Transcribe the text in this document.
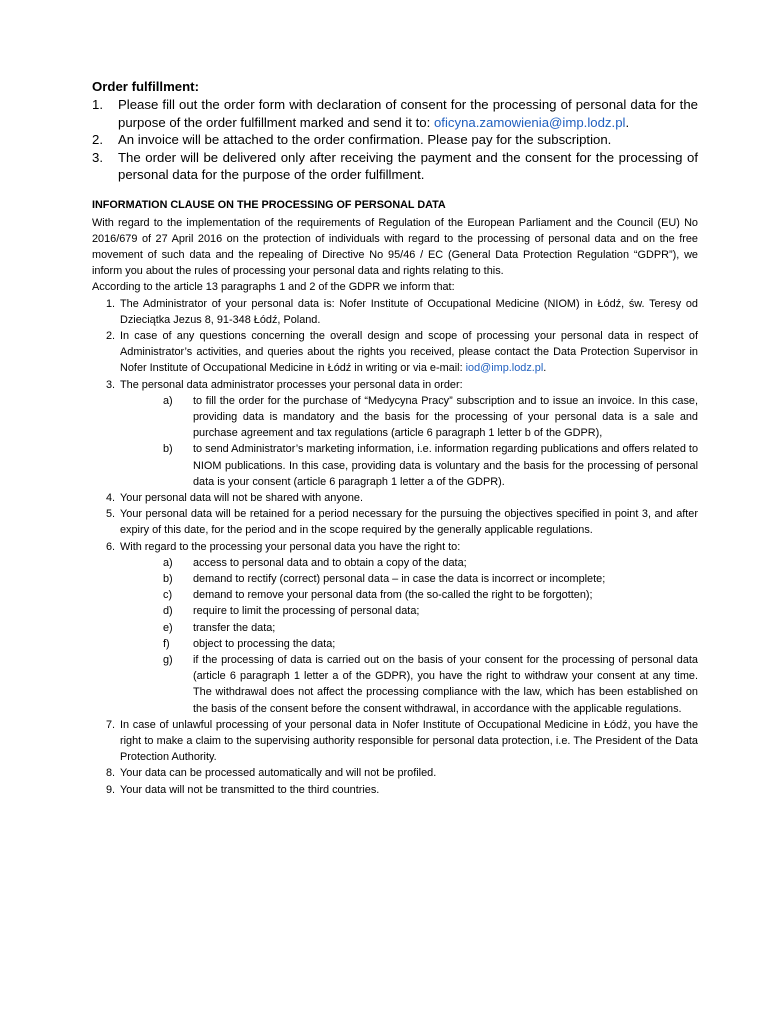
Order fulfillment:

1. Please fill out the order form with declaration of consent for the processing of personal data for the purpose of the order fulfillment marked and send it to: oficyna.zamowienia@imp.lodz.pl.
2. An invoice will be attached to the order confirmation. Please pay for the subscription.
3. The order will be delivered only after receiving the payment and the consent for the processing of personal data for the purpose of the order fulfillment.

INFORMATION CLAUSE ON THE PROCESSING OF PERSONAL DATA

With regard to the implementation of the requirements of Regulation of the European Parliament and the Council (EU) No 2016/679 of 27 April 2016 on the protection of individuals with regard to the processing of personal data and on the free movement of such data and the repealing of Directive No 95/46 / EC (General Data Protection Regulation “GDPR”), we inform you about the rules of processing your personal data and rights relating to this.

According to the article 13 paragraphs 1 and 2 of the GDPR we inform that:

1. The Administrator of your personal data is: Nofer Institute of Occupational Medicine (NIOM) in Łódź, św. Teresy od Dzieciątka Jezus 8, 91-348 Łódź, Poland.
2. In case of any questions concerning the overall design and scope of processing your personal data in respect of Administrator’s activities, and queries about the rights you received, please contact the Data Protection Supervisor in Nofer Institute of Occupational Medicine in Łódź in writing or via e-mail: iod@imp.lodz.pl.
3. The personal data administrator processes your personal data in order:
a) to fill the order for the purchase of “Medycyna Pracy” subscription and to issue an invoice. In this case, providing data is mandatory and the basis for the processing of your personal data is a sale and purchase agreement and tax regulations (article 6 paragraph 1 letter b of the GDPR),
b) to send Administrator’s marketing information, i.e. information regarding publications and offers related to NIOM publications. In this case, providing data is voluntary and the basis for the processing of personal data is your consent (article 6 paragraph 1 letter a of the GDPR).
4. Your personal data will not be shared with anyone.
5. Your personal data will be retained for a period necessary for the pursuing the objectives specified in point 3, and after expiry of this date, for the period and in the scope required by the generally applicable regulations.
6. With regard to the processing your personal data you have the right to:
a) access to personal data and to obtain a copy of the data;
b) demand to rectify (correct) personal data – in case the data is incorrect or incomplete;
c) demand to remove your personal data from (the so-called the right to be forgotten);
d) require to limit the processing of personal data;
e) transfer the data;
f) object to processing the data;
g) if the processing of data is carried out on the basis of your consent for the processing of personal data (article 6 paragraph 1 letter a of the GDPR), you have the right to withdraw your consent at any time. The withdrawal does not affect the processing compliance with the law, which has been established on the basis of the consent before the consent withdrawal, in accordance with the applicable regulations.
7. In case of unlawful processing of your personal data in Nofer Institute of Occupational Medicine in Łódź, you have the right to make a claim to the supervising authority responsible for personal data protection, i.e. The President of the Data Protection Authority.
8. Your data can be processed automatically and will not be profiled.
9. Your data will not be transmitted to the third countries.
